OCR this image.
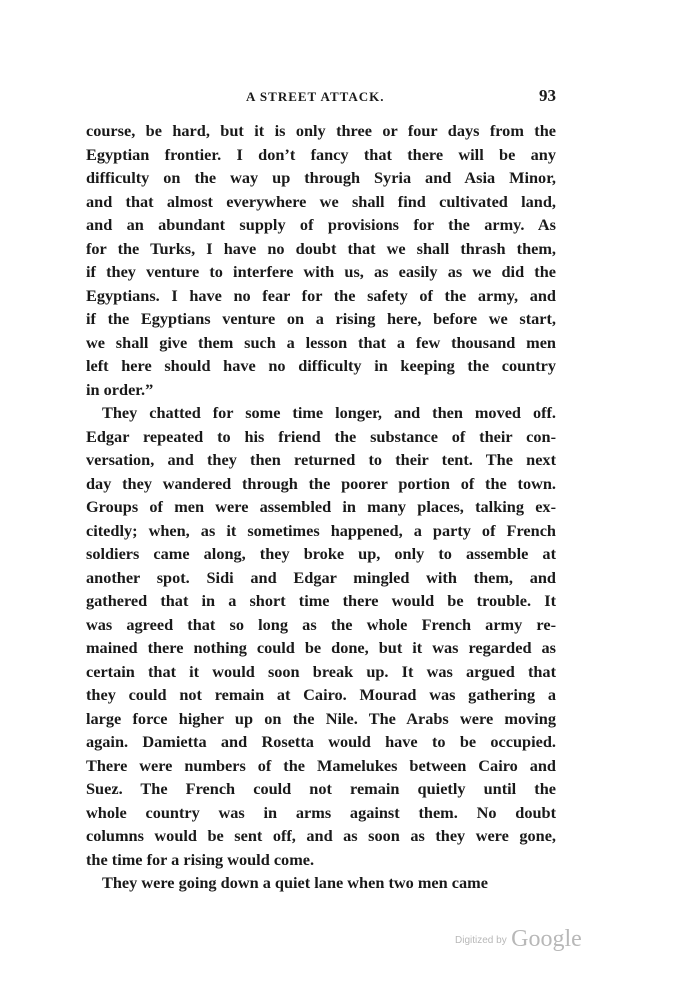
A STREET ATTACK.	93
course, be hard, but it is only three or four days from the
Egyptian frontier. I don’t fancy that there will be any
difficulty on the way up through Syria and Asia Minor,
and that almost everywhere we shall find cultivated land,
and an abundant supply of provisions for the army. As
for the Turks, I have no doubt that we shall thrash them,
if they venture to interfere with us, as easily as we did the
Egyptians. I have no fear for the safety of the army, and
if the Egyptians venture on a rising here, before we start,
we shall give them such a lesson that a few thousand men
left here should have no difficulty in keeping the country
in order.”
They chatted for some time longer, and then moved off.
Edgar repeated to his friend the substance of their con-
versation, and they then returned to their tent. The next
day they wandered through the poorer portion of the town.
Groups of men were assembled in many places, talking ex-
citedly; when, as it sometimes happened, a party of French
soldiers came along, they broke up, only to assemble at
another spot. Sidi and Edgar mingled with them, and
gathered that in a short time there would be trouble. It
was agreed that so long as the whole French army re-
mained there nothing could be done, but it was regarded as
certain that it would soon break up. It was argued that
they could not remain at Cairo. Mourad was gathering a
large force higher up on the Nile. The Arabs were moving
again. Damietta and Rosetta would have to be occupied.
There were numbers of the Mamelukes between Cairo and
Suez. The French could not remain quietly until the
whole country was in arms against them. No doubt
columns would be sent off, and as soon as they were gone,
the time for a rising would come.
They were going down a quiet lane when two men came
Digitized by Google
